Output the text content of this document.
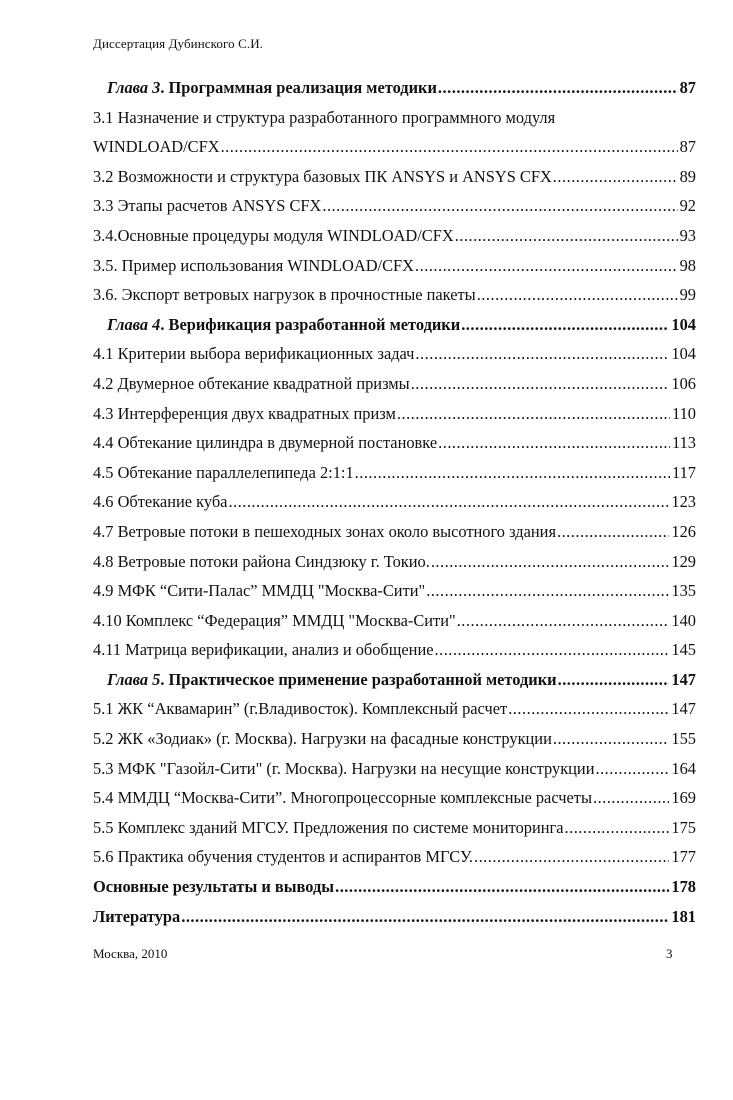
Диссертация Дубинского С.И.
Глава 3. Программная реализация методики .....	87
3.1 Назначение и структура разработанного программного модуля
WINDLOAD/CFX .....	87
3.2 Возможности и структура базовых ПК ANSYS и ANSYS CFX .....	89
3.3 Этапы расчетов ANSYS CFX .....	92
3.4.Основные процедуры модуля WINDLOAD/CFX .....	93
3.5. Пример использования WINDLOAD/CFX .....	98
3.6. Экспорт ветровых нагрузок в прочностные пакеты .....	99
Глава 4. Верификация разработанной методики .....	104
4.1 Критерии выбора верификационных задач .....	104
4.2 Двумерное обтекание квадратной призмы .....	106
4.3 Интерференция двух квадратных призм .....	110
4.4 Обтекание цилиндра в двумерной постановке .....	113
4.5 Обтекание параллелепипеда 2:1:1 .....	117
4.6 Обтекание куба .....	123
4.7 Ветровые потоки в пешеходных зонах около высотного здания .....	126
4.8 Ветровые потоки района Синдзюку г. Токио. .....	129
4.9 МФК “Сити-Палас” ММДЦ "Москва-Сити" .....	135
4.10 Комплекс “Федерация” ММДЦ "Москва-Сити" .....	140
4.11 Матрица верификации, анализ и обобщение .....	145
Глава 5. Практическое применение разработанной методики .....	147
5.1 ЖК “Аквамарин” (г.Владивосток). Комплексный расчет .....	147
5.2 ЖК «Зодиак» (г. Москва). Нагрузки на фасадные конструкции .....	155
5.3 МФК "Газойл-Сити" (г. Москва). Нагрузки на несущие конструкции .....	164
5.4 ММДЦ “Москва-Сити”. Многопроцессорные комплексные расчеты .....	169
5.5 Комплекс зданий МГСУ. Предложения по системе мониторинга .....	175
5.6 Практика обучения студентов и аспирантов МГСУ. .....	177
Основные результаты и выводы .....	178
Литература .....	181
Москва, 2010	3
